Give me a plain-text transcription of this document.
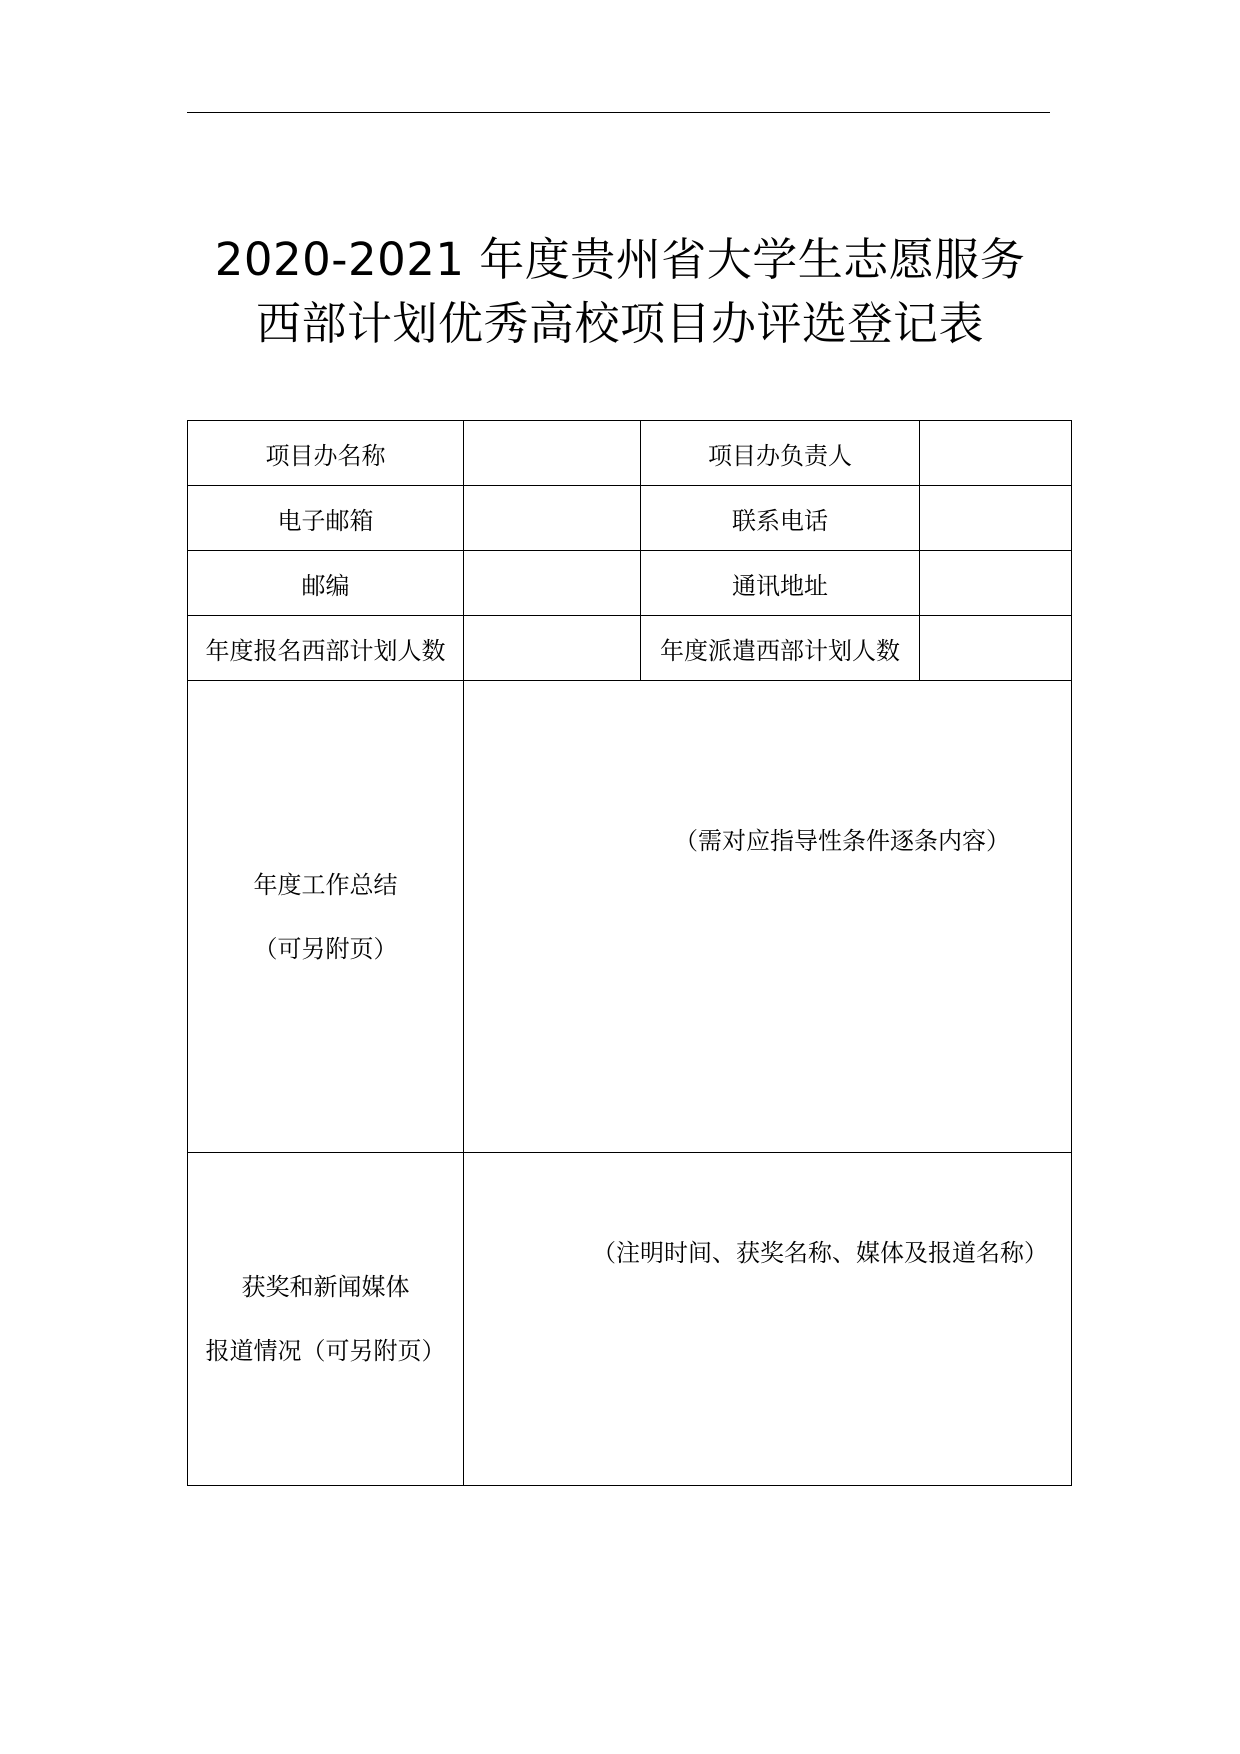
2020-2021 年度贵州省大学生志愿服务
西部计划优秀高校项目办评选登记表
项目办名称		项目办负责人	
电子邮箱		联系电话	
邮编		通讯地址	
年度报名西部计划人数		年度派遣西部计划人数	

年度工作总结
（可另附页）	（需对应指导性条件逐条内容）		

获奖和新闻媒体
报道情况（可另附页）	（注明时间、获奖名称、媒体及报道名称）		
